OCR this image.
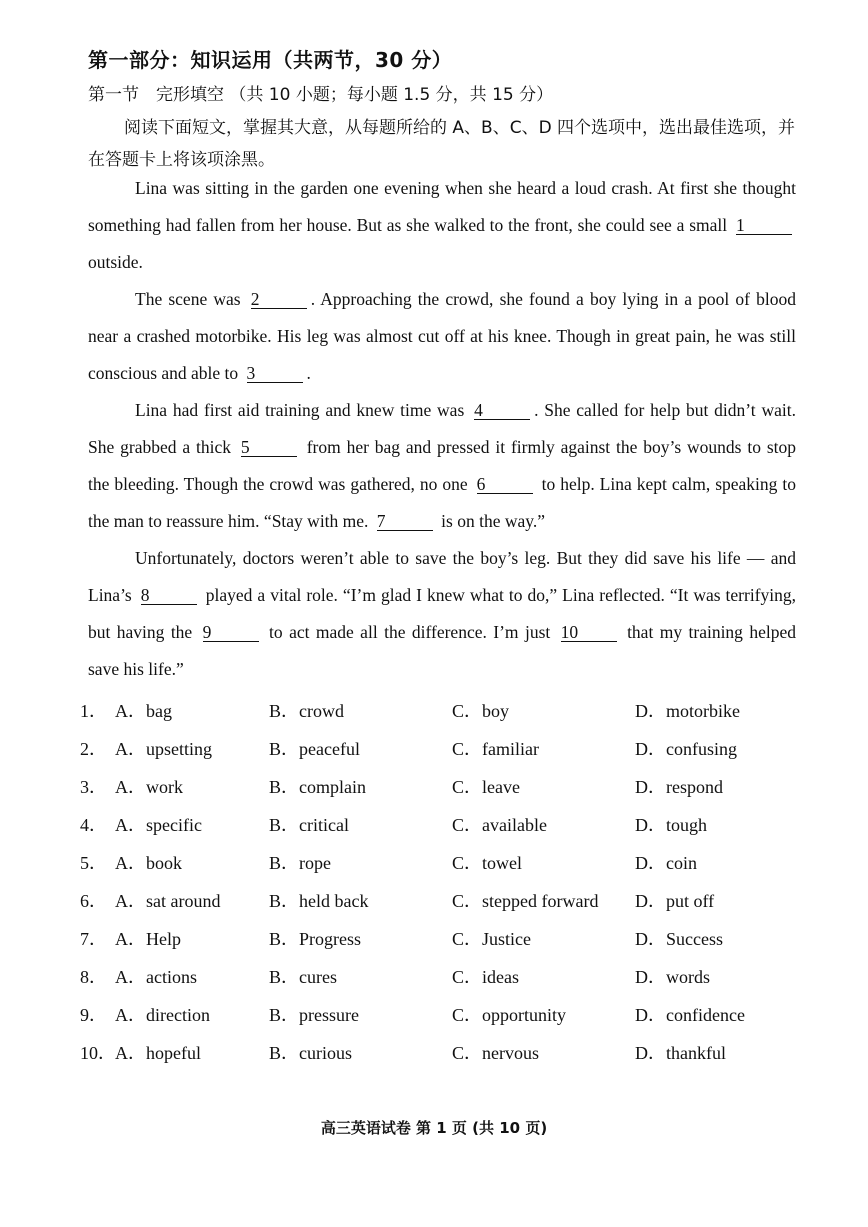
第一部分：知识运用（共两节，30 分）
第一节　完形填空 （共 10 小题；每小题 1.5 分，共 15 分）
阅读下面短文，掌握其大意，从每题所给的 A、B、C、D 四个选项中，选出最佳选项，并在答题卡上将该项涂黑。

Lina was sitting in the garden one evening when she heard a loud crash. At first she thought something had fallen from her house. But as she walked to the front, she could see a small 1 outside.

The scene was 2	. Approaching the crowd, she found a boy lying in a pool of blood near a crashed motorbike. His leg was almost cut off at his knee. Though in great pain, he was still conscious and able to 3	.

Lina had first aid training and knew time was 4	. She called for help but didn’t wait. She grabbed a thick 5	from her bag and pressed it firmly against the boy’s wounds to stop the bleeding. Though the crowd was gathered, no one 6	to help. Lina kept calm, speaking to the man to reassure him. “Stay with me. 7	is on the way.”

Unfortunately, doctors weren’t able to save the boy’s leg. But they did save his life — and Lina’s 8	played a vital role. “I’m glad I knew what to do,” Lina reflected. “It was terrifying, but having the 9	to act made all the difference. I’m just 10 that my training helped save his life.”

1． A．bag	B．crowd	C．boy	D．motorbike
2． A．upsetting	B．peaceful	C．familiar	D．confusing
3． A．work	B．complain	C．leave	D．respond
4． A．specific	B．critical	C．available	D．tough
5． A．book	B．rope	C．towel	D．coin
6． A．sat around	B．held back	C．stepped forward D．put off
7． A．Help	B．Progress	C．Justice	D．Success
8． A．actions	B．cures	C．ideas	D．words
9． A．direction	B．pressure	C．opportunity	D．confidence
10． A．hopeful	B．curious	C．nervous	D．thankful
高三英语试卷 第 1 页 (共 10 页)
